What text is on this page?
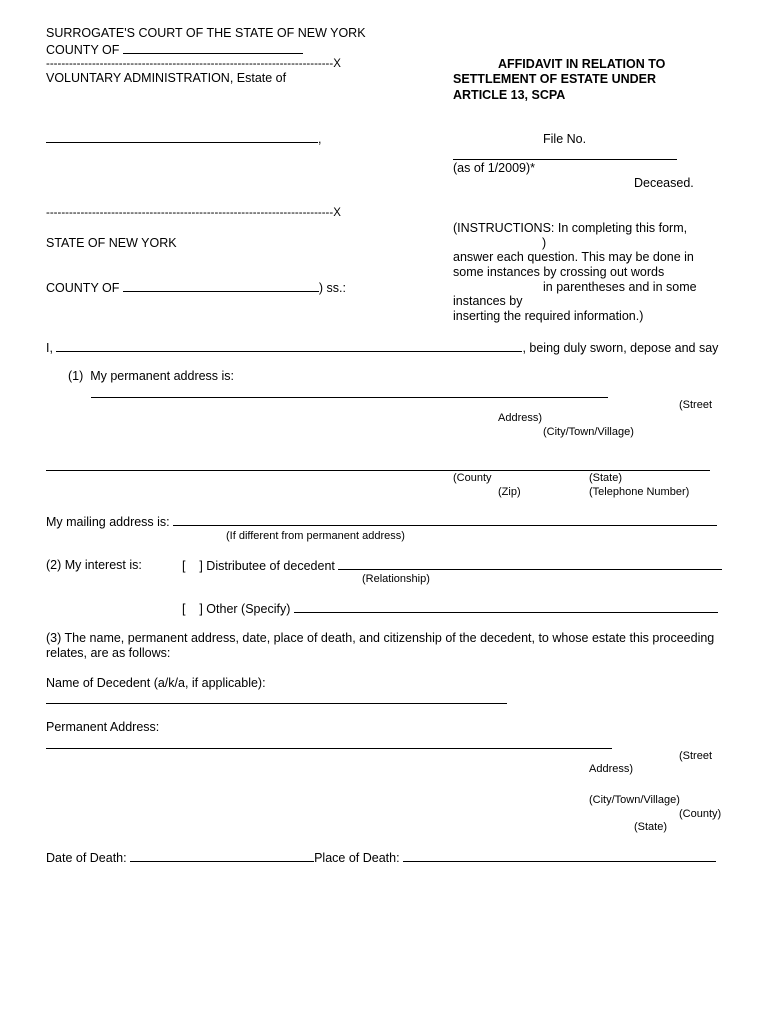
SURROGATE'S COURT OF THE STATE OF NEW YORK
COUNTY OF
---------------------------------------------------------------------------X
VOLUNTARY ADMINISTRATION, Estate of
,
---------------------------------------------------------------------------X
AFFIDAVIT IN RELATION TO
SETTLEMENT OF ESTATE UNDER
ARTICLE 13, SCPA
File No.
(as of 1/2009)*
Deceased.
STATE OF NEW YORK
COUNTY OF	) ss.:
(INSTRUCTIONS: In completing this form,
)
answer each question. This may be done in
some instances by crossing out words
in parentheses and in some
instances by
inserting the required information.)
I,	, being duly sworn, depose and say
(1)  My permanent address is:
(Street
Address)
(City/Town/Village)
(County	(State)
(Zip)	(Telephone Number)
My mailing address is:
(If different from permanent address)
(2) My interest is:	[    ] Distributee of decedent
(Relationship)
[    ] Other (Specify)
(3) The name, permanent address, date, place of death, and citizenship of the decedent, to whose estate this proceeding
relates, are as follows:
Name of Decedent (a/k/a, if applicable):
Permanent Address:
(Street
Address)
(City/Town/Village)
(County)
(State)
Date of Death:	Place of Death:
